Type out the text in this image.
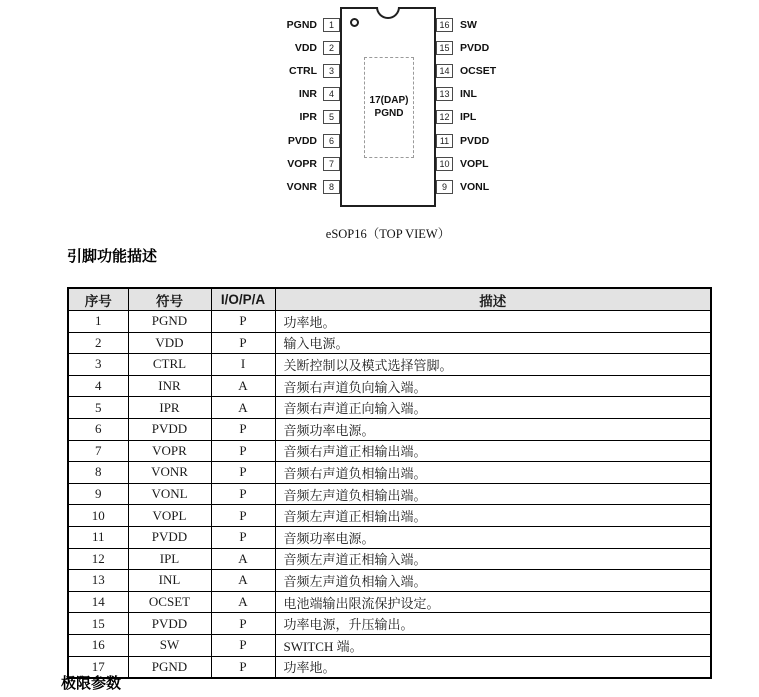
17(DAP)
PGND
PGND	1
VDD	2
CTRL	3
INR	4
IPR	5
PVDD	6
VOPR	7
VONR	8
16	SW
15	PVDD
14	OCSET
13	INL
12	IPL
11	PVDD
10	VOPL
9	VONL
eSOP16（TOP VIEW）
引脚功能描述
序号	符号	I/O/P/A	描述
1	PGND	P	功率地。
2	VDD	P	输入电源。
3	CTRL	I	关断控制以及模式选择管脚。
4	INR	A	音频右声道负向输入端。
5	IPR	A	音频右声道正向输入端。
6	PVDD	P	音频功率电源。
7	VOPR	P	音频右声道正相输出端。
8	VONR	P	音频右声道负相输出端。
9	VONL	P	音频左声道负相输出端。
10	VOPL	P	音频左声道正相输出端。
11	PVDD	P	音频功率电源。
12	IPL	A	音频左声道正相输入端。
13	INL	A	音频左声道负相输入端。
14	OCSET	A	电池端输出限流保护设定。
15	PVDD	P	功率电源，升压输出。
16	SW	P	SWITCH 端。
17	PGND	P	功率地。
极限参数
